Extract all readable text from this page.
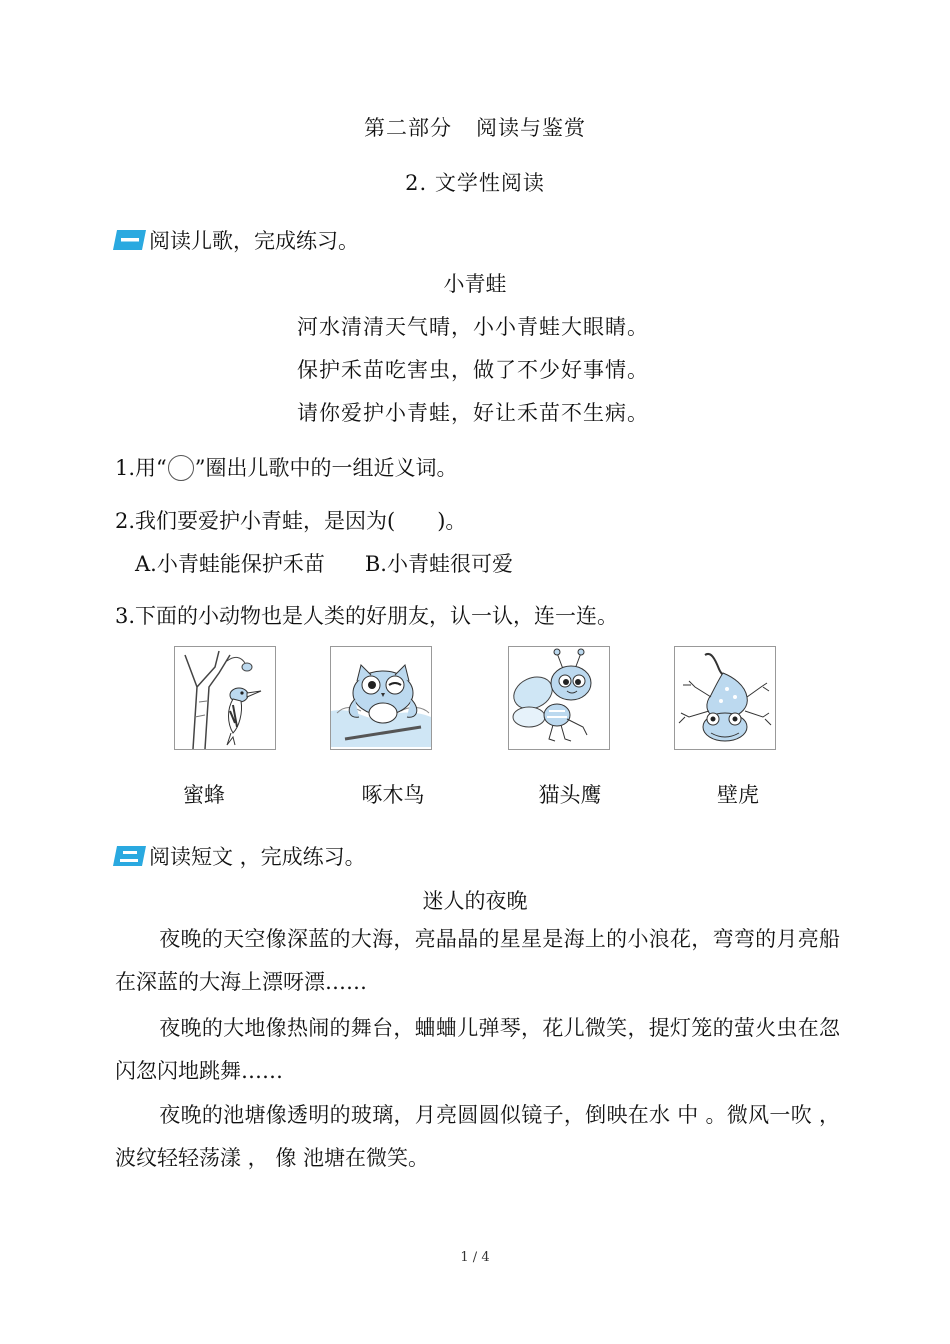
第二部分 阅读与鉴赏
2. 文学性阅读
阅读儿歌，完成练习。
小青蛙
河水清清天气晴，小小青蛙大眼睛。
保护禾苗吃害虫，做了不少好事情。
请你爱护小青蛙，好让禾苗不生病。
1.用“ ”圈出儿歌中的一组近义词。
2.我们要爱护小青蛙，是因为(　　)。
A.小青蛙能保护禾苗 B.小青蛙很可爱
3.下面的小动物也是人类的好朋友，认一认，连一连。
蜜蜂	啄木鸟	猫头鹰	壁虎
阅读短文 ，完成练习。
迷人的夜晚
夜晚的天空像深蓝的大海，亮晶晶的星星是海上的小浪花，弯弯的月亮船在深蓝的大海上漂呀漂……
夜晚的大地像热闹的舞台，蛐蛐儿弹琴，花儿微笑，提灯笼的萤火虫在忽闪忽闪地跳舞……
夜晚的池塘像透明的玻璃，月亮圆圆似镜子，倒映在水 中 。微风一吹 ，波纹轻轻荡漾 ， 像 池塘在微笑。
1 / 4
